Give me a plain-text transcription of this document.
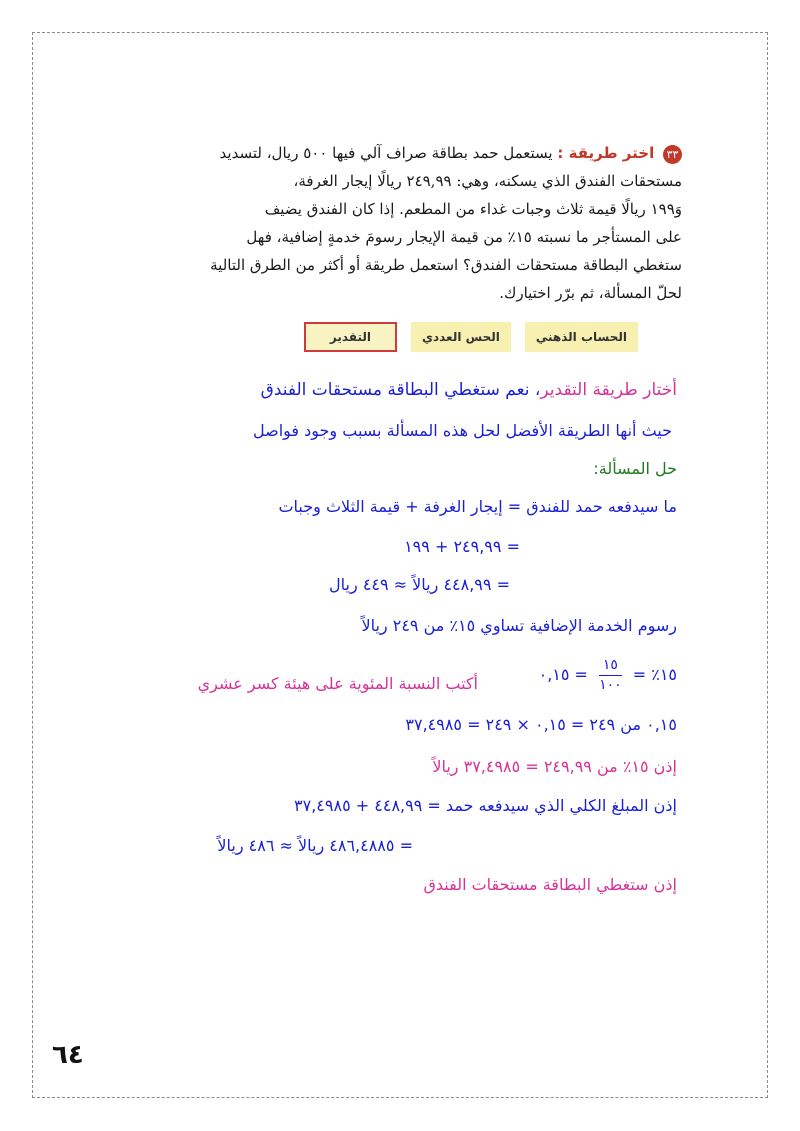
٣٣ اختر طريقة : يستعمل حمد بطاقة صراف آلي فيها ٥٠٠ ريال، لتسديد

مستحقات الفندق الذي يسكنه، وهي: ٢٤٩,٩٩ ريالًا إيجار الغرفة،

وَ١٩٩ ريالًا قيمة ثلاث وجبات غداء من المطعم. إذا كان الفندق يضيف

على المستأجر ما نسبته ١٥٪ من قيمة الإيجار رسومَ خدمةٍ إضافية، فهل

ستغطي البطاقة مستحقات الفندق؟ استعمل طريقة أو أكثر من الطرق التالية

لحلّ المسألة، ثم برّر اختيارك.

الحساب الذهني
الحس العددي
التقدير
أختار طريقة التقدير، نعم ستغطي البطاقة مستحقات الفندق
حيث أنها الطريقة الأفضل لحل هذه المسألة بسبب وجود فواصل
حل المسألة:
ما سيدفعه حمد للفندق = إيجار الغرفة + قيمة الثلاث وجبات
= ٢٤٩,٩٩ + ١٩٩
= ٤٤٨,٩٩ ريالاً ≈ ٤٤٩ ريال
رسوم الخدمة الإضافية تساوي ١٥٪ من ٢٤٩ ريالاً
١٥٪ =
$\frac{١٥}{١٠٠}$
= ٠,١٥
أكتب النسبة المئوية على هيئة كسر عشري
٠,١٥ من ٢٤٩ = ٠,١٥ × ٢٤٩ = ٣٧,٤٩٨٥
إذن ١٥٪ من ٢٤٩,٩٩ = ٣٧,٤٩٨٥ ريالاً
إذن المبلغ الكلي الذي سيدفعه حمد = ٤٤٨,٩٩ + ٣٧,٤٩٨٥
= ٤٨٦,٤٨٨٥ ريالاً ≈ ٤٨٦ ريالاً
إذن ستغطي البطاقة مستحقات الفندق
٦٤
